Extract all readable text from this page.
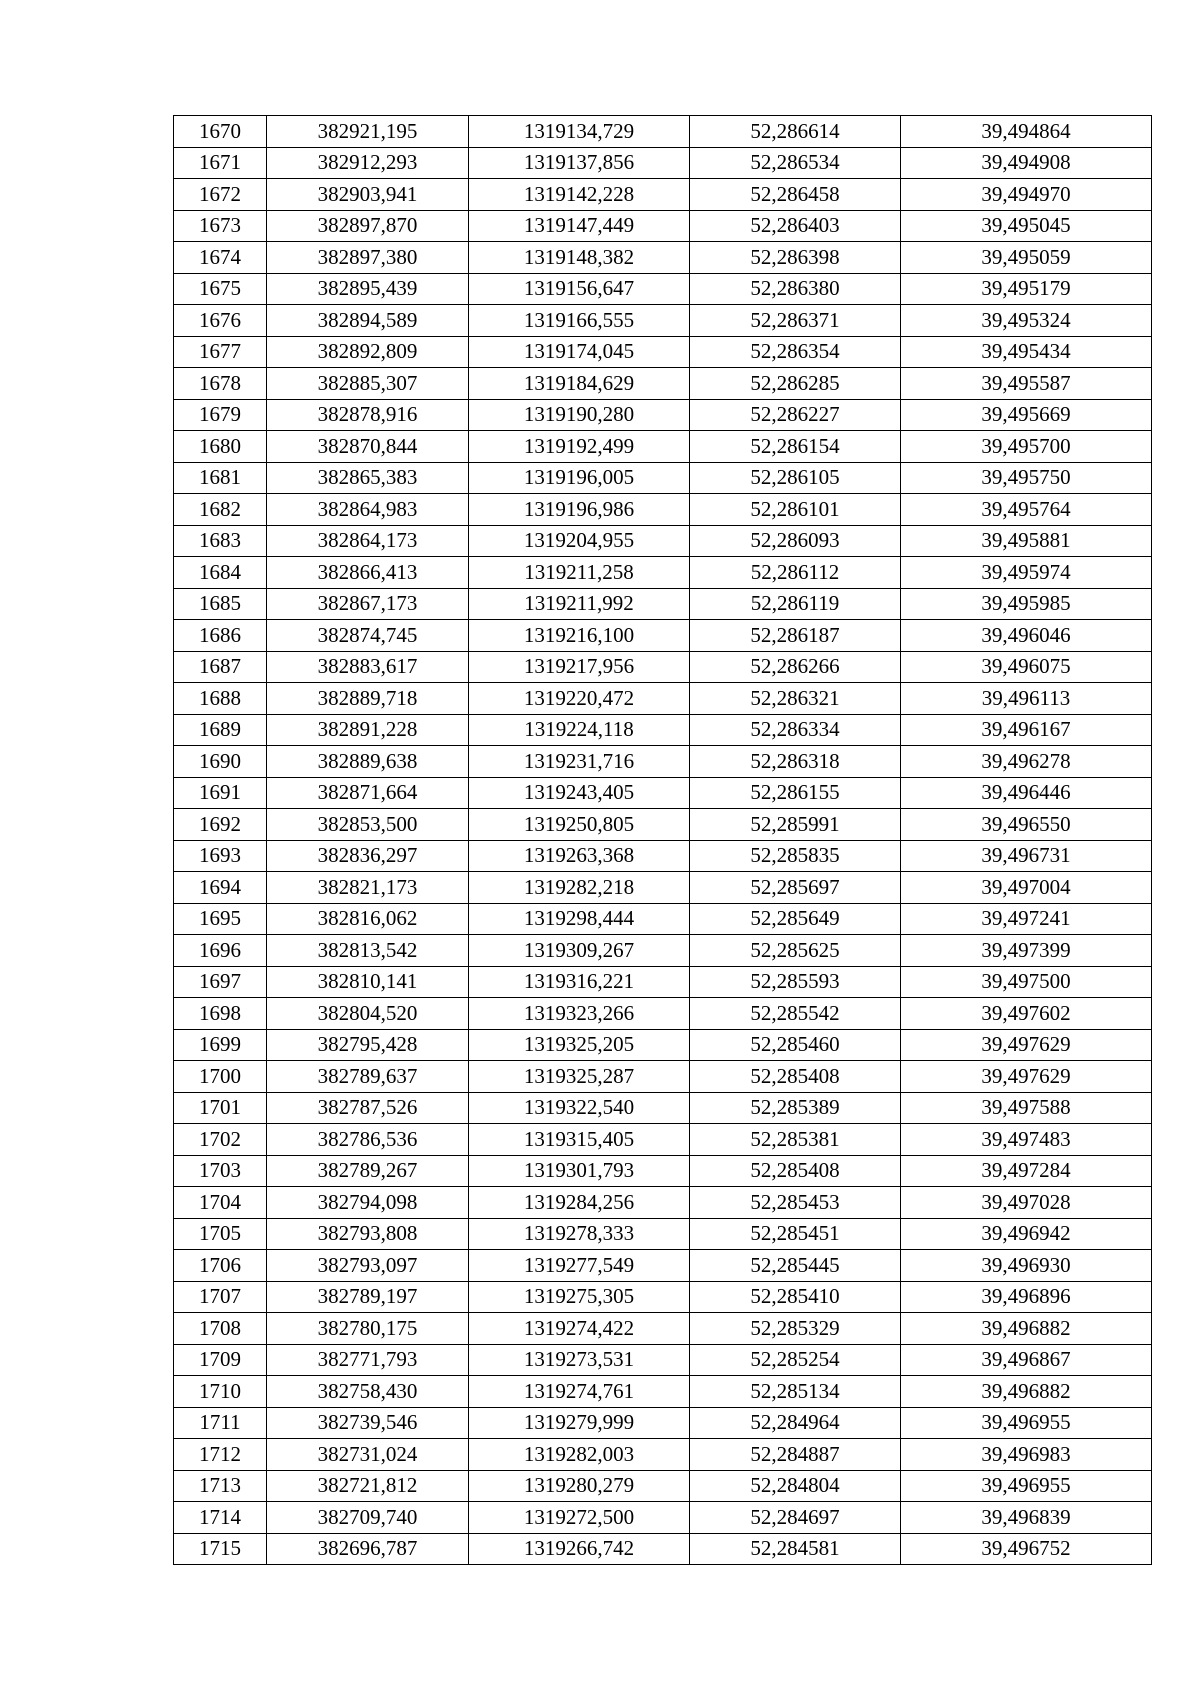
1670	382921,195	1319134,729	52,286614	39,494864
1671	382912,293	1319137,856	52,286534	39,494908
1672	382903,941	1319142,228	52,286458	39,494970
1673	382897,870	1319147,449	52,286403	39,495045
1674	382897,380	1319148,382	52,286398	39,495059
1675	382895,439	1319156,647	52,286380	39,495179
1676	382894,589	1319166,555	52,286371	39,495324
1677	382892,809	1319174,045	52,286354	39,495434
1678	382885,307	1319184,629	52,286285	39,495587
1679	382878,916	1319190,280	52,286227	39,495669
1680	382870,844	1319192,499	52,286154	39,495700
1681	382865,383	1319196,005	52,286105	39,495750
1682	382864,983	1319196,986	52,286101	39,495764
1683	382864,173	1319204,955	52,286093	39,495881
1684	382866,413	1319211,258	52,286112	39,495974
1685	382867,173	1319211,992	52,286119	39,495985
1686	382874,745	1319216,100	52,286187	39,496046
1687	382883,617	1319217,956	52,286266	39,496075
1688	382889,718	1319220,472	52,286321	39,496113
1689	382891,228	1319224,118	52,286334	39,496167
1690	382889,638	1319231,716	52,286318	39,496278
1691	382871,664	1319243,405	52,286155	39,496446
1692	382853,500	1319250,805	52,285991	39,496550
1693	382836,297	1319263,368	52,285835	39,496731
1694	382821,173	1319282,218	52,285697	39,497004
1695	382816,062	1319298,444	52,285649	39,497241
1696	382813,542	1319309,267	52,285625	39,497399
1697	382810,141	1319316,221	52,285593	39,497500
1698	382804,520	1319323,266	52,285542	39,497602
1699	382795,428	1319325,205	52,285460	39,497629
1700	382789,637	1319325,287	52,285408	39,497629
1701	382787,526	1319322,540	52,285389	39,497588
1702	382786,536	1319315,405	52,285381	39,497483
1703	382789,267	1319301,793	52,285408	39,497284
1704	382794,098	1319284,256	52,285453	39,497028
1705	382793,808	1319278,333	52,285451	39,496942
1706	382793,097	1319277,549	52,285445	39,496930
1707	382789,197	1319275,305	52,285410	39,496896
1708	382780,175	1319274,422	52,285329	39,496882
1709	382771,793	1319273,531	52,285254	39,496867
1710	382758,430	1319274,761	52,285134	39,496882
1711	382739,546	1319279,999	52,284964	39,496955
1712	382731,024	1319282,003	52,284887	39,496983
1713	382721,812	1319280,279	52,284804	39,496955
1714	382709,740	1319272,500	52,284697	39,496839
1715	382696,787	1319266,742	52,284581	39,496752
